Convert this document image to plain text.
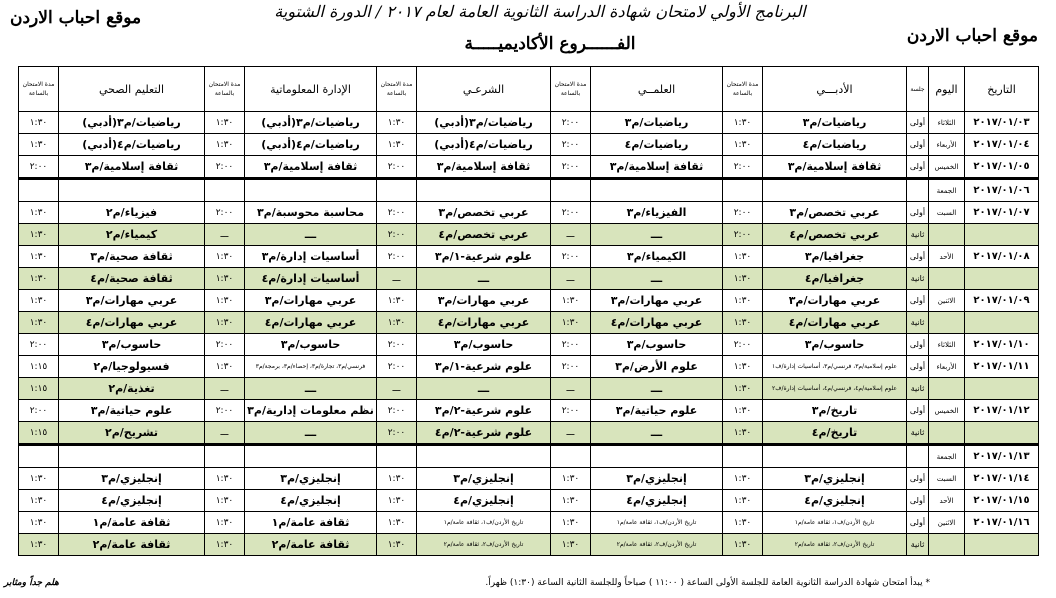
موقع احباب الاردن
موقع احباب الاردن	البرنامج الأولي لامتحان شهادة الدراسة الثانوية العامة لعام ٢٠١٧ / الدورة الشتوية
الفــــــروع الأكاديميـــــة
التاريخ	اليوم	جلسة	الأدبـــي	مدة الامتحان بالساعة	العلمــي	مدة الامتحان بالساعة	الشرعـي	مدة الامتحان بالساعة	الإدارة المعلوماتية	مدة الامتحان بالساعة	التعليم الصحي	مدة الامتحان بالساعة
٢٠١٧/٠١/٠٣	الثلاثاء	أولى	رياضيات/م٣	١:٣٠	رياضيات/م٣	٢:٠٠	رياضيات/م٣(أدبي)	١:٣٠	رياضيات/م٣(أدبي)	١:٣٠	رياضيات/م٣(أدبي)	١:٣٠
٢٠١٧/٠١/٠٤	الأربعاء	أولى	رياضيات/م٤	١:٣٠	رياضيات/م٤	٢:٠٠	رياضيات/م٤(أدبي)	١:٣٠	رياضيات/م٤(أدبي)	١:٣٠	رياضيات/م٤(أدبي)	١:٣٠
٢٠١٧/٠١/٠٥	الخميس	أولى	ثقافة إسلامية/م٣	٢:٠٠	ثقافة إسلامية/م٣	٢:٠٠	ثقافة إسلامية/م٣	٢:٠٠	ثقافة إسلامية/م٣	٢:٠٠	ثقافة إسلامية/م٣	٢:٠٠
٢٠١٧/٠١/٠٦	الجمعة											
٢٠١٧/٠١/٠٧	السبت	أولى	عربي تخصص/م٣	٢:٠٠	الفيزياء/م٣	٢:٠٠	عربي تخصص/م٣	٢:٠٠	محاسبة محوسبة/م٣	٢:٠٠	فيزياء/م٢	١:٣٠
		ثانية	عربي تخصص/م٤	٢:٠٠	ـــ	ـــ	عربي تخصص/م٤	٢:٠٠	ـــ	ـــ	كيمياء/م٢	١:٣٠
٢٠١٧/٠١/٠٨	الأحد	أولى	جغرافيا/م٣	١:٣٠	الكيمياء/م٣	٢:٠٠	علوم شرعية-١/م٣	٢:٠٠	أساسيات إدارة/م٣	١:٣٠	ثقافة صحية/م٣	١:٣٠
		ثانية	جغرافيا/م٤	١:٣٠	ـــ	ـــ	ـــ	ـــ	أساسيات إدارة/م٤	١:٣٠	ثقافة صحية/م٤	١:٣٠
٢٠١٧/٠١/٠٩	الاثنين	أولى	عربي مهارات/م٣	١:٣٠	عربي مهارات/م٣	١:٣٠	عربي مهارات/م٣	١:٣٠	عربي مهارات/م٣	١:٣٠	عربي مهارات/م٣	١:٣٠
		ثانية	عربي مهارات/م٤	١:٣٠	عربي مهارات/م٤	١:٣٠	عربي مهارات/م٤	١:٣٠	عربي مهارات/م٤	١:٣٠	عربي مهارات/م٤	١:٣٠
٢٠١٧/٠١/١٠	الثلاثاء	أولى	حاسوب/م٣	٢:٠٠	حاسوب/م٣	٢:٠٠	حاسوب/م٣	٢:٠٠	حاسوب/م٣	٢:٠٠	حاسوب/م٣	٢:٠٠
٢٠١٧/٠١/١١	الأربعاء	أولى	علوم إسلامية/م٣، فرنسي/م٣، أساسيات إدارة/ف١	١:٣٠	علوم الأرض/م٣	٢:٠٠	علوم شرعية-١/م٣	٢:٠٠	فرنسي/م٣، تجارة/م٣، إحصاء/م٣، برمجة/م٣	١:٣٠	فسيولوجيا/م٢	١:١٥
		ثانية	علوم إسلامية/م٤، فرنسي/م٤، أساسيات إدارة/ف٢	١:٣٠	ـــ	ـــ	ـــ	ـــ	ـــ	ـــ	تغذية/م٢	١:١٥
٢٠١٧/٠١/١٢	الخميس	أولى	تاريخ/م٣	١:٣٠	علوم حياتية/م٣	٢:٠٠	علوم شرعية-٢/م٣	٢:٠٠	نظم معلومات إدارية/م٣	٢:٠٠	علوم حياتية/م٣	٢:٠٠
		ثانية	تاريخ/م٤	١:٣٠	ـــ	ـــ	علوم شرعية-٢/م٤	٢:٠٠	ـــ	ـــ	تشريح/م٢	١:١٥
٢٠١٧/٠١/١٣	الجمعة											
٢٠١٧/٠١/١٤	السبت	أولى	إنجليزي/م٣	١:٣٠	إنجليزي/م٣	١:٣٠	إنجليزي/م٣	١:٣٠	إنجليزي/م٣	١:٣٠	إنجليزي/م٣	١:٣٠
٢٠١٧/٠١/١٥	الأحد	أولى	إنجليزي/م٤	١:٣٠	إنجليزي/م٤	١:٣٠	إنجليزي/م٤	١:٣٠	إنجليزي/م٤	١:٣٠	إنجليزي/م٤	١:٣٠
٢٠١٧/٠١/١٦	الاثنين	أولى	تاريخ الأردن/ف١، ثقافة عامة/م١	١:٣٠	تاريخ الأردن/ف١، ثقافة عامة/م١	١:٣٠	تاريخ الأردن/ف١، ثقافة عامة/م١	١:٣٠	ثقافة عامة/م١	١:٣٠	ثقافة عامة/م١	١:٣٠
		ثانية	تاريخ الأردن/ف٢، ثقافة عامة/م٢	١:٣٠	تاريخ الأردن/ف٢، ثقافة عامة/م٢	١:٣٠	تاريخ الأردن/ف٢، ثقافة عامة/م٢	١:٣٠	ثقافة عامة/م٢	١:٣٠	ثقافة عامة/م٢	١:٣٠
* يبدأ امتحان شهادة الدراسة الثانوية العامة للجلسة الأولى الساعة ( ١١:٠٠ ) صباحاً وللجلسة الثانية الساعة (١:٣٠) ظهراً.
هلم جداً ومثابر
